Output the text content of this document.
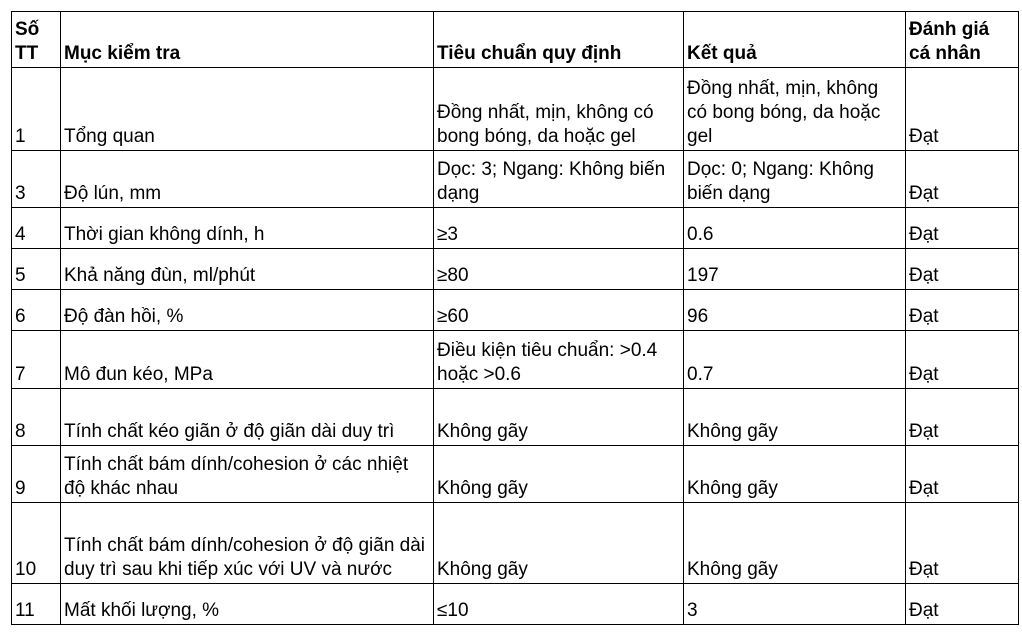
Số TT	Mục kiểm tra	Tiêu chuẩn quy định	Kết quả	Đánh giá cá nhân
1	Tổng quan	Đồng nhất, mịn, không có bong bóng, da hoặc gel	Đồng nhất, mịn, không có bong bóng, da hoặc gel	Đạt
3	Độ lún, mm	Dọc: 3; Ngang: Không biến dạng	Dọc: 0; Ngang: Không biến dạng	Đạt
4	Thời gian không dính, h	≥3	0.6	Đạt
5	Khả năng đùn, ml/phút	≥80	197	Đạt
6	Độ đàn hồi, %	≥60	96	Đạt
7	Mô đun kéo, MPa	Điều kiện tiêu chuẩn: >0.4 hoặc >0.6	0.7	Đạt
8	Tính chất kéo giãn ở độ giãn dài duy trì	Không gãy	Không gãy	Đạt
9	Tính chất bám dính/cohesion ở các nhiệt độ khác nhau	Không gãy	Không gãy	Đạt
10	Tính chất bám dính/cohesion ở độ giãn dài duy trì sau khi tiếp xúc với UV và nước	Không gãy	Không gãy	Đạt
11	Mất khối lượng, %	≤10	3	Đạt
